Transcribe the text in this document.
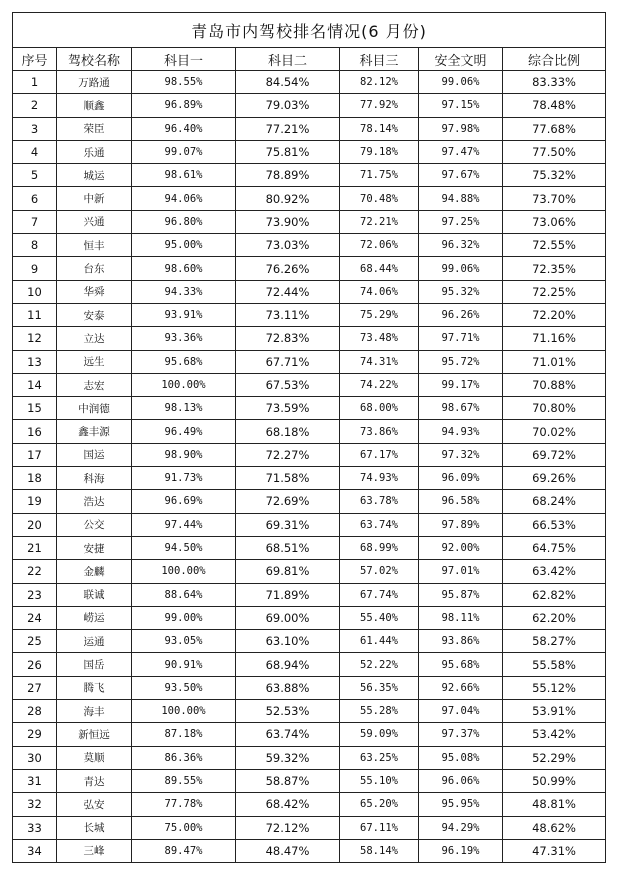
青岛市内驾校排名情况(6 月份)						
序号	驾校名称	科目一	科目二	科目三	安全文明	综合比例
1	万路通	98.55%	84.54%	82.12%	99.06%	83.33%
2	顺鑫	96.89%	79.03%	77.92%	97.15%	78.48%
3	荣臣	96.40%	77.21%	78.14%	97.98%	77.68%
4	乐通	99.07%	75.81%	79.18%	97.47%	77.50%
5	城运	98.61%	78.89%	71.75%	97.67%	75.32%
6	中新	94.06%	80.92%	70.48%	94.88%	73.70%
7	兴通	96.80%	73.90%	72.21%	97.25%	73.06%
8	恒丰	95.00%	73.03%	72.06%	96.32%	72.55%
9	台东	98.60%	76.26%	68.44%	99.06%	72.35%
10	华舜	94.33%	72.44%	74.06%	95.32%	72.25%
11	安泰	93.91%	73.11%	75.29%	96.26%	72.20%
12	立达	93.36%	72.83%	73.48%	97.71%	71.16%
13	远生	95.68%	67.71%	74.31%	95.72%	71.01%
14	志宏	100.00%	67.53%	74.22%	99.17%	70.88%
15	中润德	98.13%	73.59%	68.00%	98.67%	70.80%
16	鑫丰源	96.49%	68.18%	73.86%	94.93%	70.02%
17	国运	98.90%	72.27%	67.17%	97.32%	69.72%
18	科海	91.73%	71.58%	74.93%	96.09%	69.26%
19	浩达	96.69%	72.69%	63.78%	96.58%	68.24%
20	公交	97.44%	69.31%	63.74%	97.89%	66.53%
21	安捷	94.50%	68.51%	68.99%	92.00%	64.75%
22	金麟	100.00%	69.81%	57.02%	97.01%	63.42%
23	联诚	88.64%	71.89%	67.74%	95.87%	62.82%
24	崂运	99.00%	69.00%	55.40%	98.11%	62.20%
25	运通	93.05%	63.10%	61.44%	93.86%	58.27%
26	国岳	90.91%	68.94%	52.22%	95.68%	55.58%
27	腾飞	93.50%	63.88%	56.35%	92.66%	55.12%
28	海丰	100.00%	52.53%	55.28%	97.04%	53.91%
29	新恒远	87.18%	63.74%	59.09%	97.37%	53.42%
30	莫顺	86.36%	59.32%	63.25%	95.08%	52.29%
31	青达	89.55%	58.87%	55.10%	96.06%	50.99%
32	弘安	77.78%	68.42%	65.20%	95.95%	48.81%
33	长城	75.00%	72.12%	67.11%	94.29%	48.62%
34	三峰	89.47%	48.47%	58.14%	96.19%	47.31%
